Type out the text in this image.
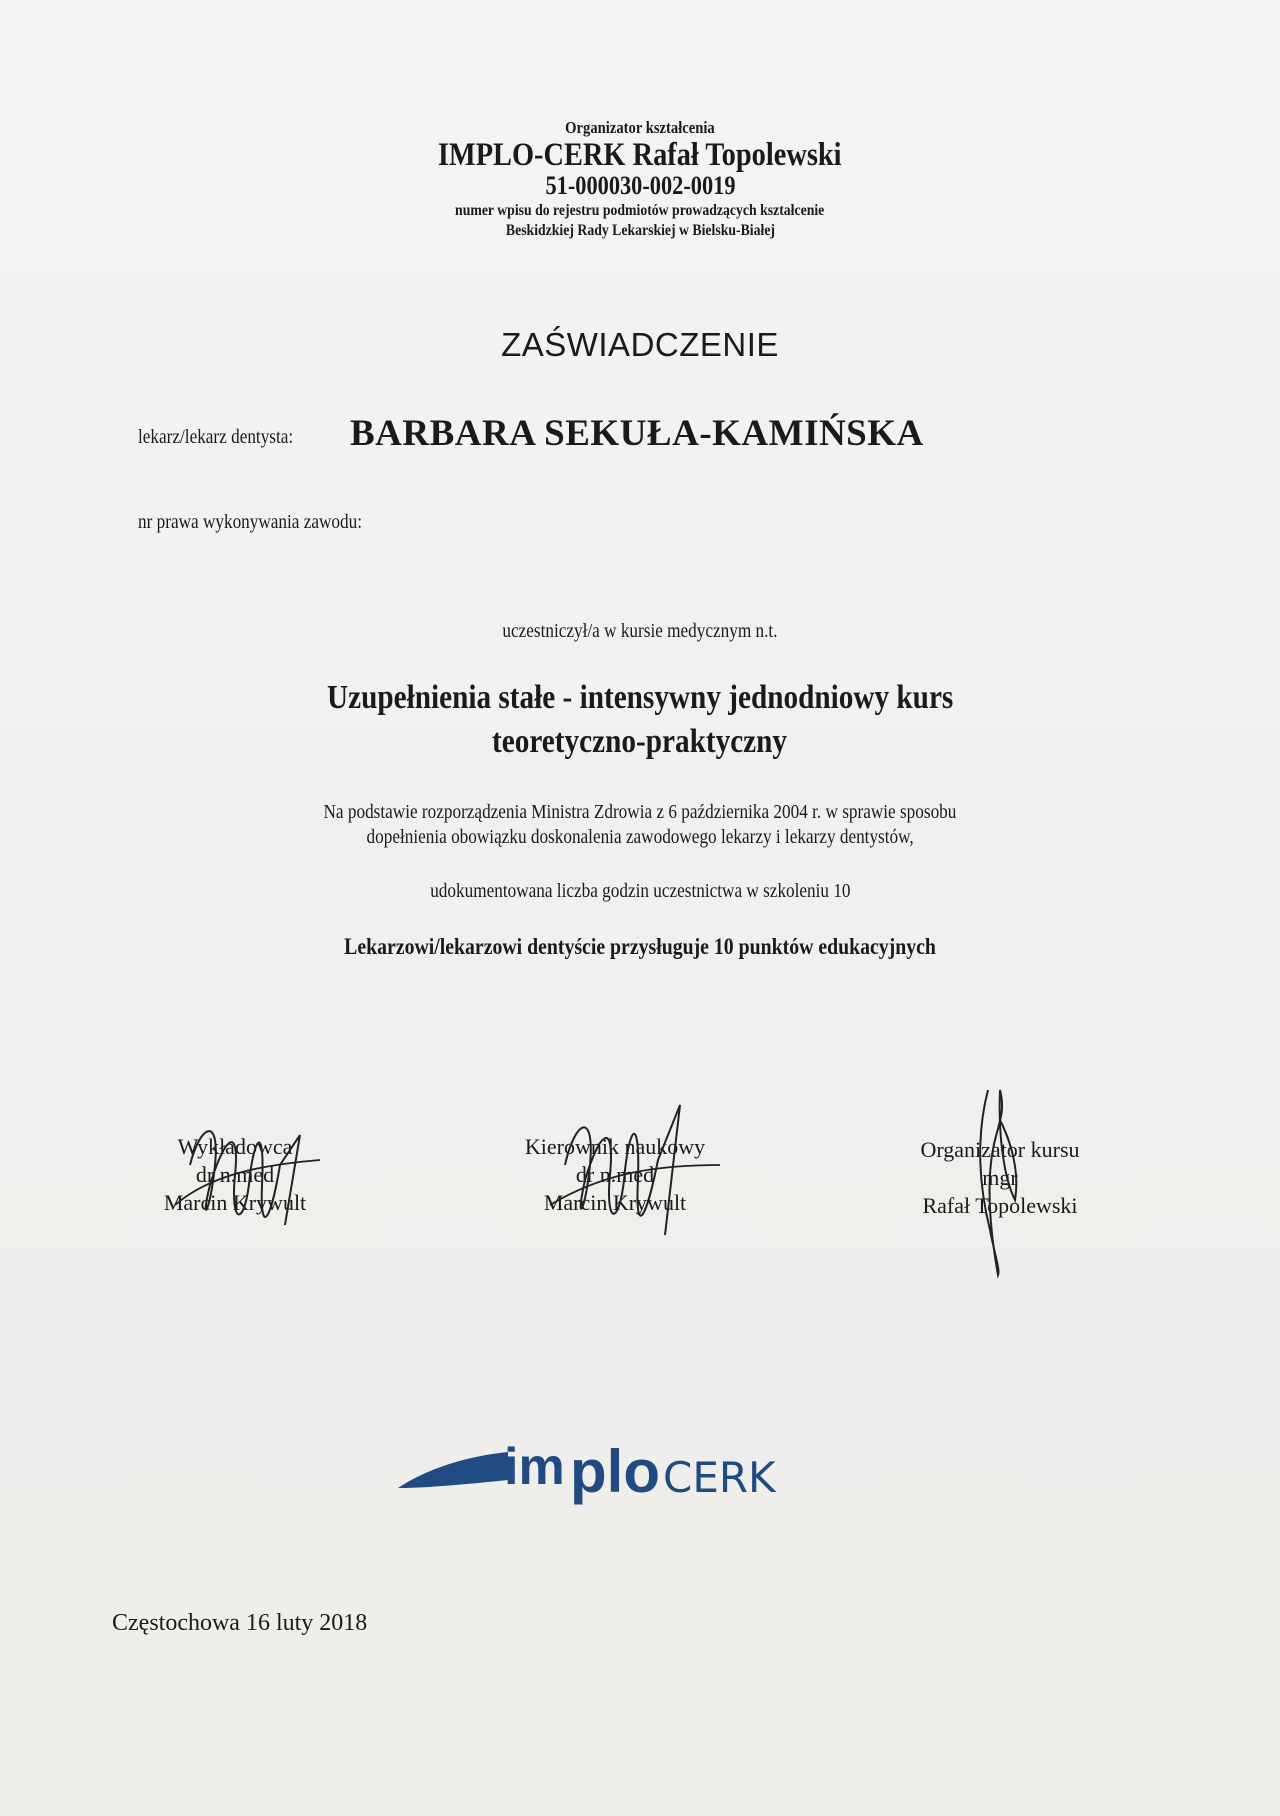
Organizator kształcenia
IMPLO-CERK Rafał Topolewski
51-000030-002-0019
numer wpisu do rejestru podmiotów prowadzących kształcenie
Beskidzkiej Rady Lekarskiej w Bielsku-Białej
ZAŚWIADCZENIE
lekarz/lekarz dentysta:	BARBARA SEKUŁA-KAMIŃSKA
nr prawa wykonywania zawodu:
uczestniczył/a w kursie medycznym n.t.
Uzupełnienia stałe - intensywny jednodniowy kurs
teoretyczno-praktyczny
Na podstawie rozporządzenia Ministra Zdrowia z 6 października 2004 r. w sprawie sposobu
dopełnienia obowiązku doskonalenia zawodowego lekarzy i lekarzy dentystów,
udokumentowana liczba godzin uczestnictwa w szkoleniu 10
Lekarzowi/lekarzowi dentyście przysługuje 10 punktów edukacyjnych
Wykładowca
dr n.med
Marcin Krywult
Kierownik naukowy
dr n.med
Marcin Krywult
Organizator kursu
mgr
Rafał Topolewski
im plo CERK
Częstochowa 16 luty 2018
